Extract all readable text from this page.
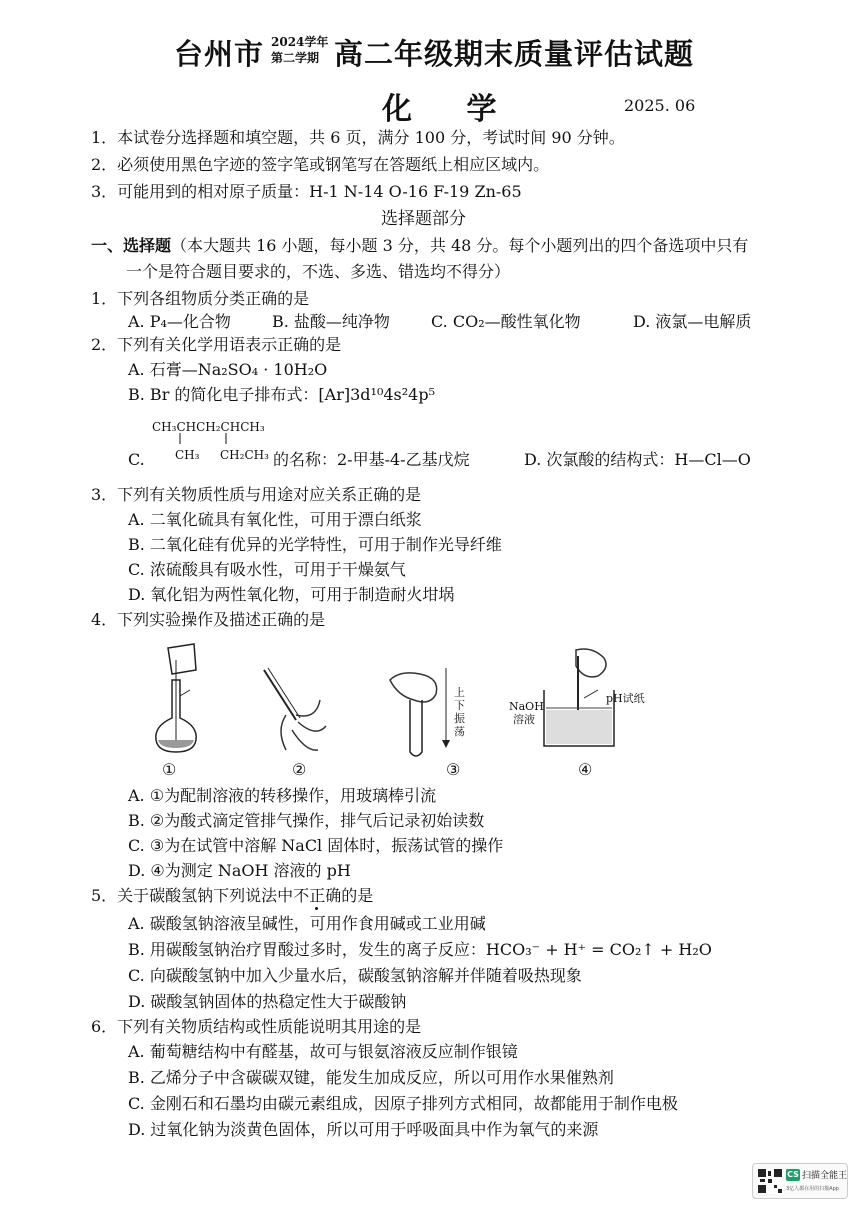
台州市 2024学年
第二学期 高二年级期末质量评估试题
化 学	2025. 06
1．本试卷分选择题和填空题，共 6 页，满分 100 分，考试时间 90 分钟。
2．必须使用黑色字迹的签字笔或钢笔写在答题纸上相应区域内。
3．可能用到的相对原子质量：H-1 N-14 O-16 F-19 Zn-65
选择题部分
一、选择题（本大题共 16 小题，每小题 3 分，共 48 分。每个小题列出的四个备选项中只有
一个是符合题目要求的，不选、多选、错选均不得分）
1．下列各组物质分类正确的是
A. P₄—化合物	B. 盐酸—纯净物	C. CO₂—酸性氧化物	D. 液氯—电解质
2．下列有关化学用语表示正确的是
A. 石膏—Na₂SO₄ · 10H₂O
B. Br 的简化电子排布式：[Ar]3d¹⁰4s²4p⁵
CH₃CHCH₂CHCH₃
C.	CH₃ CH₂CH₃ 的名称：2-甲基-4-乙基戊烷	D. 次氯酸的结构式：H—Cl—O
3．下列有关物质性质与用途对应关系正确的是
A. 二氧化硫具有氧化性，可用于漂白纸浆
B. 二氧化硅有优异的光学特性，可用于制作光导纤维
C. 浓硫酸具有吸水性，可用于干燥氨气
D. 氧化铝为两性氧化物，可用于制造耐火坩埚
4．下列实验操作及描述正确的是
上
下
振
荡
NaOH
溶液
pH试纸
①	②	③	④
A. ①为配制溶液的转移操作，用玻璃棒引流
B. ②为酸式滴定管排气操作，排气后记录初始读数
C. ③为在试管中溶解 NaCl 固体时，振荡试管的操作
D. ④为测定 NaOH 溶液的 pH
5．关于碳酸氢钠下列说法中不正确的是
A. 碳酸氢钠溶液呈碱性，可用作食用碱或工业用碱
B. 用碳酸氢钠治疗胃酸过多时，发生的离子反应：HCO₃⁻ + H⁺ = CO₂↑ + H₂O
C. 向碳酸氢钠中加入少量水后，碳酸氢钠溶解并伴随着吸热现象
D. 碳酸氢钠固体的热稳定性大于碳酸钠
6．下列有关物质结构或性质能说明其用途的是
A. 葡萄糖结构中有醛基，故可与银氨溶液反应制作银镜
B. 乙烯分子中含碳碳双键，能发生加成反应，所以可用作水果催熟剂
C. 金刚石和石墨均由碳元素组成，因原子排列方式相同，故都能用于制作电极
D. 过氧化钠为淡黄色固体，所以可用于呼吸面具中作为氧气的来源
CS 扫描全能王
3亿人都在用的扫描App
